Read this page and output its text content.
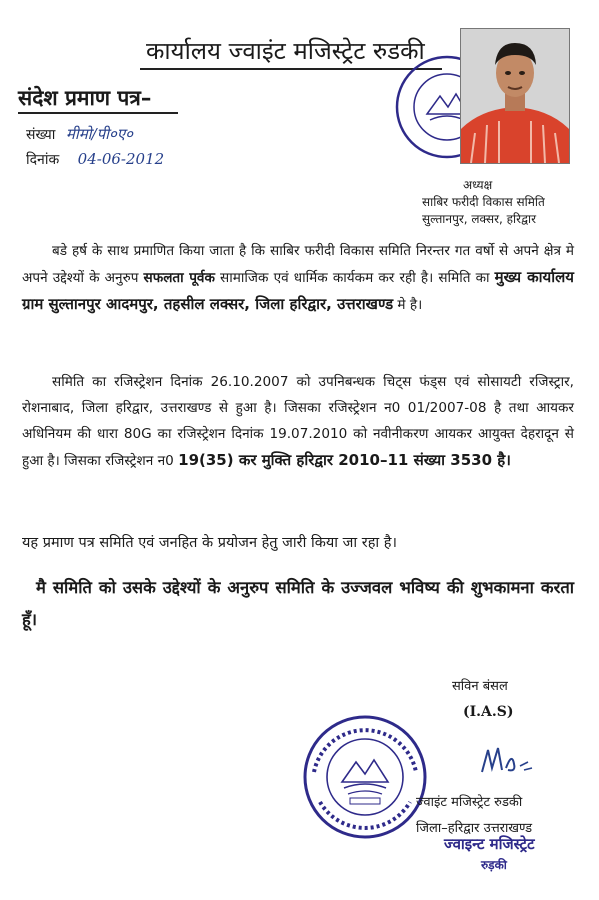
कार्यालय ज्वाइंट मजिस्ट्रेट रुडकी
संदेश प्रमाण पत्र–
संख्या मीमो/पी०ए०
दिनांक 04-06-2012
अध्यक्ष
साबिर फरीदी विकास समिति
सुल्तानपुर, लक्सर, हरिद्वार
बडे हर्ष के साथ प्रमाणित किया जाता है कि साबिर फरीदी विकास समिति निरन्तर गत वर्षो से अपने क्षेत्र मे अपने उद्देश्यों के अनुरुप सफलता पूर्वक सामाजिक एवं धार्मिक कार्यकम कर रही है। समिति का मुख्य कार्यालय ग्राम सुल्तानपुर आदमपुर, तहसील लक्सर, जिला हरिद्वार, उत्तराखण्ड मे है।
समिति का रजिस्ट्रेशन दिनांक 26.10.2007 को उपनिबन्धक चिट्स फंड्स एवं सोसायटी रजिस्ट्रार, रोशनाबाद, जिला हरिद्वार, उत्तराखण्ड से हुआ है। जिसका रजिस्ट्रेशन न0 01/2007-08 है तथा आयकर अधिनियम की धारा 80G का रजिस्ट्रेशन दिनांक 19.07.2010 को नवीनीकरण आयकर आयुक्त देहरादून से हुआ है। जिसका रजिस्ट्रेशन न0 19(35) कर मुक्ति हरिद्वार 2010–11 संख्या 3530 है।
यह प्रमाण पत्र समिति एवं जनहित के प्रयोजन हेतु जारी किया जा रहा है।
मै समिति को उसके उद्देश्यों के अनुरुप समिति के उज्जवल भविष्य की शुभकामना करता हूँ।
सविन बंसल
(I.A.S)
ज्वाइंट मजिस्ट्रेट रुडकी
जिला–हरिद्वार उत्तराखण्ड
ज्वाइन्ट मजिस्ट्रेट
रुड़की
